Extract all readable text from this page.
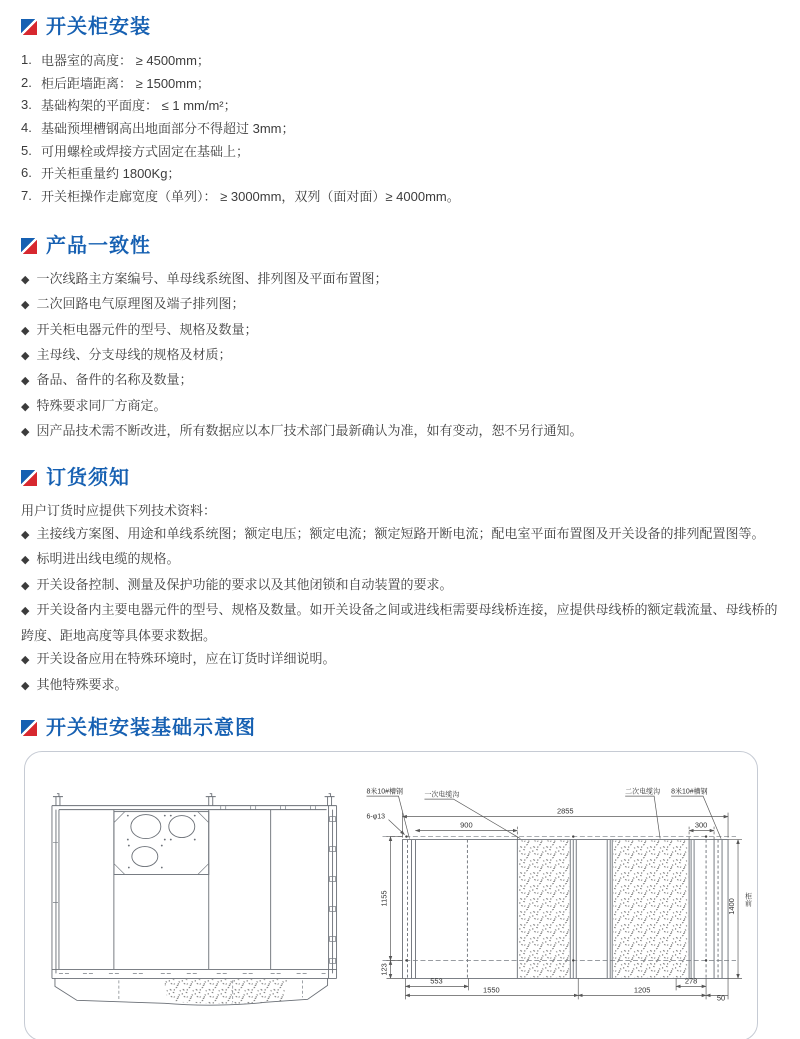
开关柜安装
1. 电器室的高度： ≥ 4500mm；
2. 柜后距墙距离： ≥ 1500mm；
3. 基础构架的平面度： ≤ 1 mm/m²；
4. 基础预埋槽钢高出地面部分不得超过 3mm；
5. 可用螺栓或焊接方式固定在基础上；
6. 开关柜重量约 1800Kg；
7. 开关柜操作走廊宽度（单列）： ≥ 3000mm，双列（面对面）≥ 4000mm。
产品一致性

◆ 一次线路主方案编号、单母线系统图、排列图及平面布置图；

◆ 二次回路电气原理图及端子排列图；

◆ 开关柜电器元件的型号、规格及数量；

◆ 主母线、分支母线的规格及材质；

◆ 备品、备件的名称及数量；

◆ 特殊要求同厂方商定。

◆ 因产品技术需不断改进，所有数据应以本厂技术部门最新确认为准，如有变动，恕不另行通知。

订货须知

用户订货时应提供下列技术资料：

◆ 主接线方案图、用途和单线系统图；额定电压；额定电流；额定短路开断电流；配电室平面布置图及开关设备的排列配置图等。

◆ 标明进出线电缆的规格。

◆ 开关设备控制、测量及保护功能的要求以及其他闭锁和自动装置的要求。

◆ 开关设备内主要电器元件的型号、规格及数量。如开关设备之间或进线柜需要母线桥连接，应提供母线桥的额定载流量、母线桥的跨度、距地高度等具体要求数据。

◆ 开关设备应用在特殊环境时，应在订货时详细说明。

◆ 其他特殊要求。

开关柜安装基础示意图
8米10#槽钢	一次电缆沟	二次电缆沟 8米10#槽钢
6-φ13
2855
900	300
1155
123
1400 柜前
553	278
1550	1205
50
